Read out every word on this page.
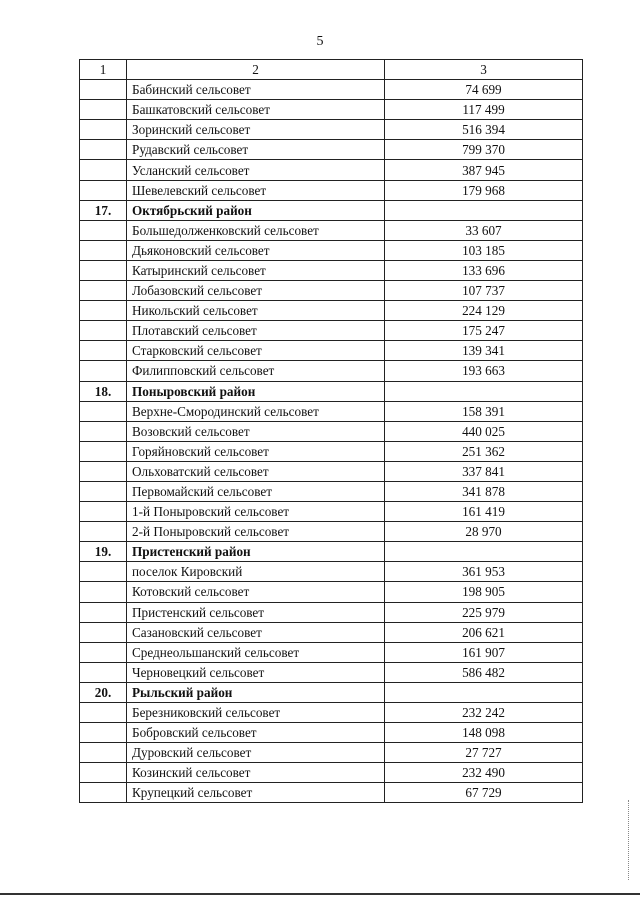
5
1	2	3
	Бабинский сельсовет	74 699
	Башкатовский сельсовет	117 499
	Зоринский сельсовет	516 394
	Рудавский сельсовет	799 370
	Усланский сельсовет	387 945
	Шевелевский сельсовет	179 968
17.	Октябрьский район	
	Большедолженковский сельсовет	33 607
	Дьяконовский сельсовет	103 185
	Катыринский сельсовет	133 696
	Лобазовский сельсовет	107 737
	Никольский сельсовет	224 129
	Плотавский сельсовет	175 247
	Старковский сельсовет	139 341
	Филипповский сельсовет	193 663
18.	Поныровский район	
	Верхне-Смородинский сельсовет	158 391
	Возовский сельсовет	440 025
	Горяйновский сельсовет	251 362
	Ольховатский сельсовет	337 841
	Первомайский сельсовет	341 878
	1-й Поныровский сельсовет	161 419
	2-й Поныровский сельсовет	28 970
19.	Пристенский район	
	поселок Кировский	361 953
	Котовский сельсовет	198 905
	Пристенский сельсовет	225 979
	Сазановский сельсовет	206 621
	Среднеольшанский сельсовет	161 907
	Черновецкий сельсовет	586 482
20.	Рыльский район	
	Березниковский сельсовет	232 242
	Бобровский сельсовет	148 098
	Дуровский сельсовет	27 727
	Козинский сельсовет	232 490
	Крупецкий сельсовет	67 729
